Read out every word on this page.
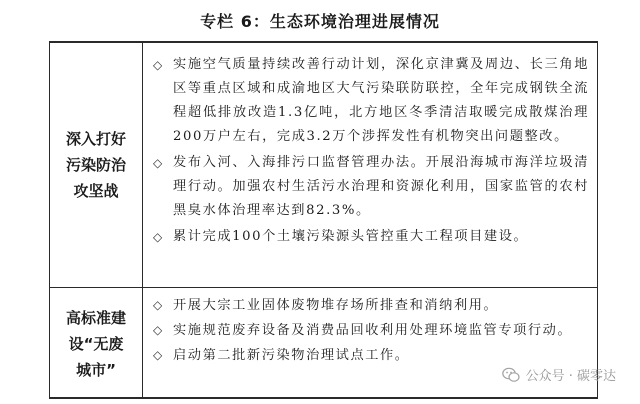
专栏 6：生态环境治理进展情况
深入打好
污染防治
攻坚战
◇ 实施空气质量持续改善行动计划，深化京津冀及周边、长三角地区等重点区域和成渝地区大气污染联防联控，全年完成钢铁全流程超低排放改造1.3亿吨，北方地区冬季清洁取暖完成散煤治理200万户左右，完成3.2万个涉挥发性有机物突出问题整改。
◇ 发布入河、入海排污口监督管理办法。开展沿海城市海洋垃圾清理行动。加强农村生活污水治理和资源化利用，国家监管的农村黑臭水体治理率达到82.3%。
◇ 累计完成100个土壤污染源头管控重大工程项目建设。
高标准建
设“无废
城市”
◇ 开展大宗工业固体废物堆存场所排查和消纳利用。
◇ 实施规范废弃设备及消费品回收利用处理环境监管专项行动。
◇ 启动第二批新污染物治理试点工作。
公众号 · 碳零达
